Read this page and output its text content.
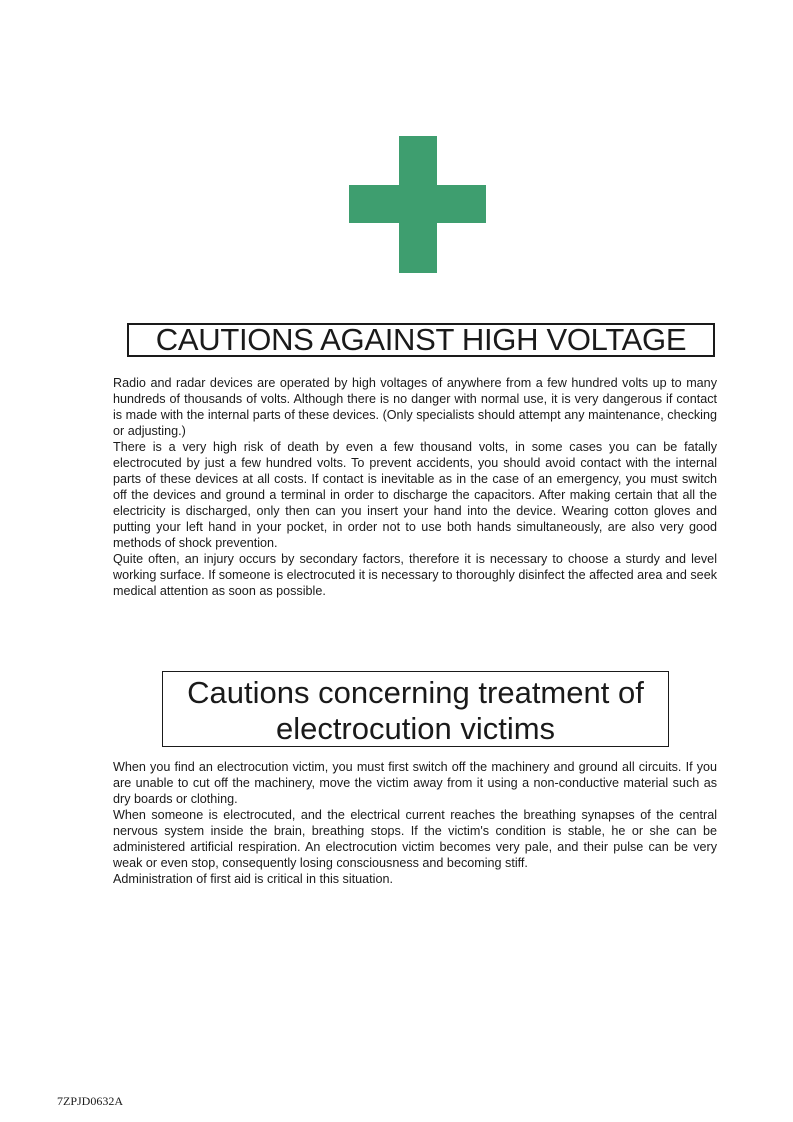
CAUTIONS AGAINST HIGH VOLTAGE

Radio and radar devices are operated by high voltages of anywhere from a few hundred volts up to many hundreds of thousands of volts. Although there is no danger with normal use, it is very dangerous if contact is made with the internal parts of these devices. (Only specialists should attempt any maintenance, checking or adjusting.)

There is a very high risk of death by even a few thousand volts, in some cases you can be fatally electrocuted by just a few hundred volts. To prevent accidents, you should avoid contact with the internal parts of these devices at all costs. If contact is inevitable as in the case of an emergency, you must switch off the devices and ground a terminal in order to discharge the capacitors. After making certain that all the electricity is discharged, only then can you insert your hand into the device. Wearing cotton gloves and putting your left hand in your pocket, in order not to use both hands simultaneously, are also very good methods of shock prevention.

Quite often, an injury occurs by secondary factors, therefore it is necessary to choose a sturdy and level working surface. If someone is electrocuted it is necessary to thoroughly disinfect the affected area and seek medical attention as soon as possible.

Cautions concerning treatment of
electrocution victims

When you find an electrocution victim, you must first switch off the machinery and ground all circuits. If you are unable to cut off the machinery, move the victim away from it using a non-conductive material such as dry boards or clothing.

When someone is electrocuted, and the electrical current reaches the breathing synapses of the central nervous system inside the brain, breathing stops. If the victim's condition is stable, he or she can be administered artificial respiration. An electrocution victim becomes very pale, and their pulse can be very weak or even stop, consequently losing consciousness and becoming stiff.

Administration of first aid is critical in this situation.

7ZPJD0632A
